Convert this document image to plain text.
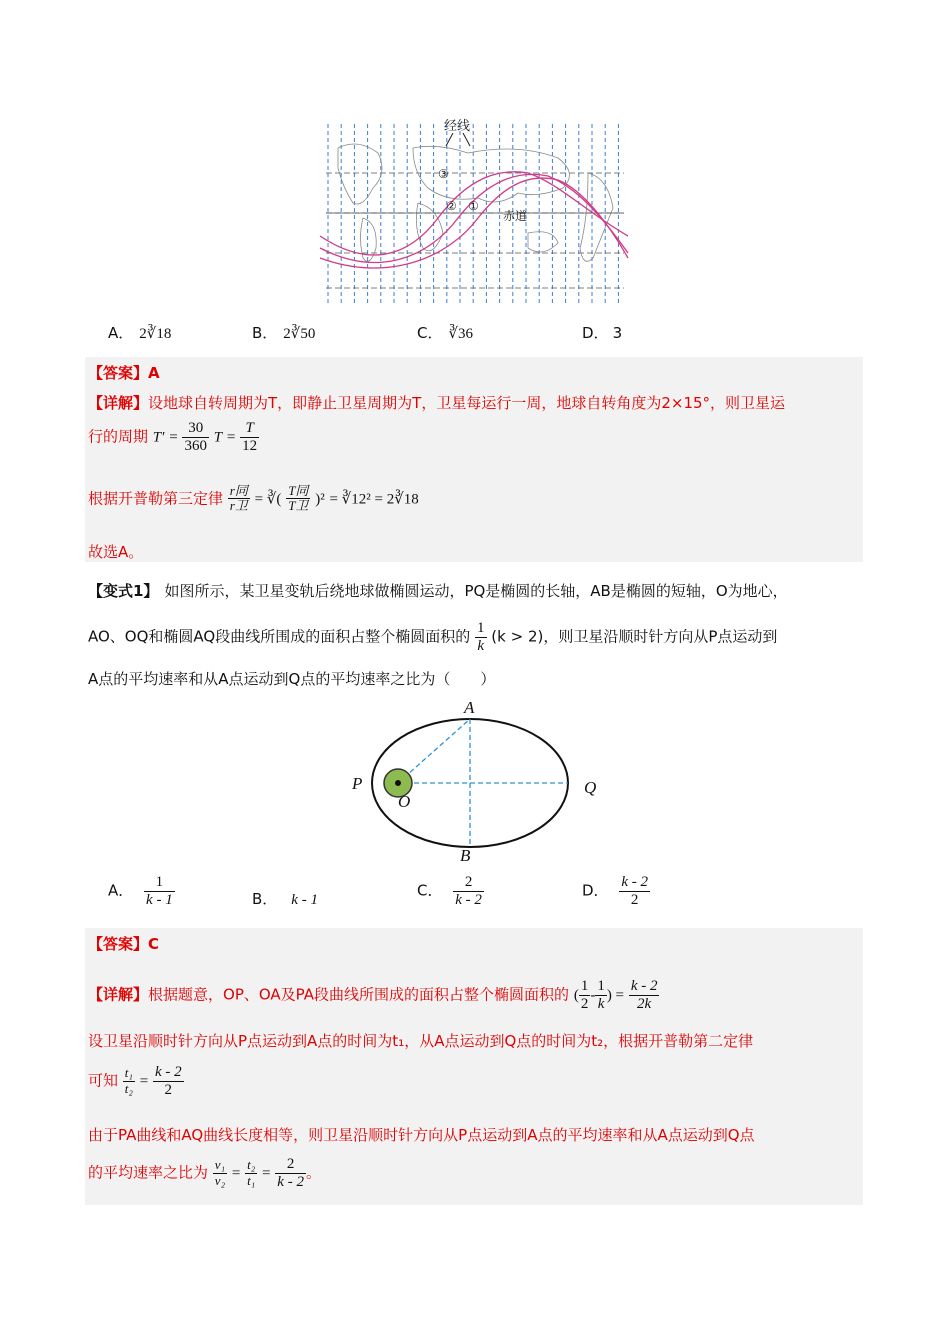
经线
③
② ①
赤道
A． 2∛18	B． 2∛50	C． ∛36	D． 3
【答案】A
【详解】设地球自转周期为T，即静止卫星周期为T，卫星每运行一周，地球自转角度为2×15°，则卫星运
行的周期 $T' = \frac{30}{360}$ $T = \frac{T}{12}$
根据开普勒第三定律 $\frac{\text{r同}}{\text{r卫}}$ = ∛( $\frac{\text{T同}}{\text{T卫}} )^2$ = ∛12² = 2∛18
故选A。
【变式1】 如图所示，某卫星变轨后绕地球做椭圆运动，PQ是椭圆的长轴，AB是椭圆的短轴，O为地心，
AO、OQ和椭圆AQ段曲线所围成的面积占整个椭圆面积的 $\frac{1}{k} (k > 2)$，则卫星沿顺时针方向从P点运动到
A点的平均速率和从A点运动到Q点的平均速率之比为（　　）
A
B
P	Q
O
A． $\frac{1}{k - 1}$	B． k - 1
C． $\frac{2}{k - 2}$	D． $\frac{k - 2}{2}$
【答案】C
【详解】根据题意，OP、OA及PA段曲线所围成的面积占整个椭圆面积的 ( $\frac{1}{2} - \frac{1}{k}$ ) = $\frac{k - 2}{2k}$
设卫星沿顺时针方向从P点运动到A点的时间为t₁，从A点运动到Q点的时间为t₂，根据开普勒第二定律
可知 $\frac{\text{t₁}}{\text{t₂}} = \frac{k - 2}{2}$
由于PA曲线和AQ曲线长度相等，则卫星沿顺时针方向从P点运动到A点的平均速率和从A点运动到Q点
的平均速率之比为 $\frac{\text{v₁}}{\text{v₂}} = \frac{\text{t₂}}{\text{t₁}} = \frac{2}{k - 2}$ 。
